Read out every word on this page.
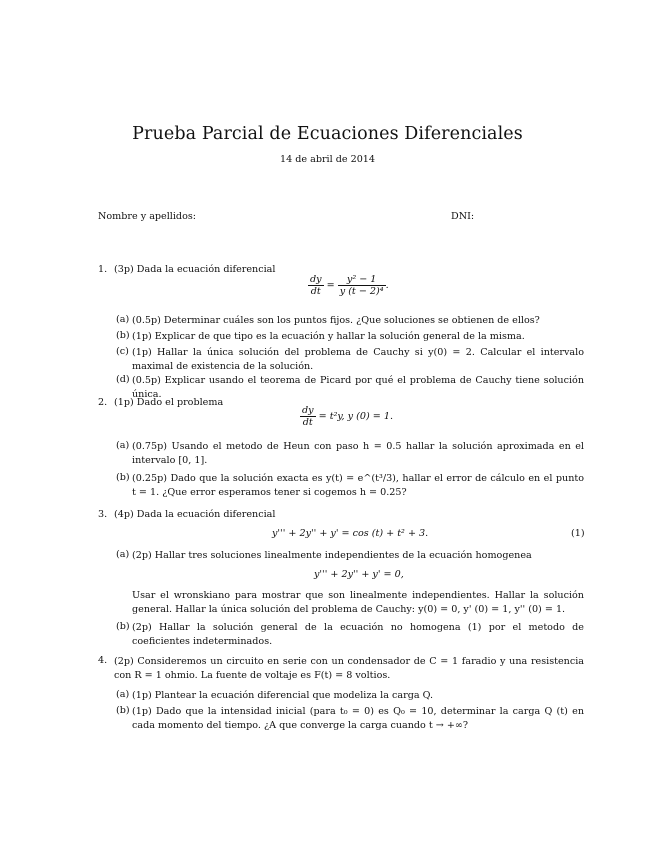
Prueba Parcial de Ecuaciones Diferenciales
14 de abril de 2014
Nombre y apellidos:	DNI:
1. (3p) Dada la ecuación diferencial
$\frac{dy}{dt} = \frac{\text{y² − 1}}{\text{y (t − 2)⁴}}$ .
(a) (0.5p) Determinar cuáles son los puntos fijos. ¿Que soluciones se obtienen de ellos?
(b) (1p) Explicar de que tipo es la ecuación y hallar la solución general de la misma.
(c) (1p) Hallar la única solución del problema de Cauchy si y(0) = 2. Calcular el intervalo maximal de existencia de la solución.
(d) (0.5p) Explicar usando el teorema de Picard por qué el problema de Cauchy tiene solución única.
2. (1p) Dado el problema
$\frac{dy}{dt} = t^2y$, y (0) = 1.
(a) (0.75p) Usando el metodo de Heun con paso h = 0.5 hallar la solución aproximada en el intervalo [0, 1].
(b) (0.25p) Dado que la solución exacta es y(t) = e^(t³/3), hallar el error de cálculo en el punto t = 1. ¿Que error esperamos tener si cogemos h = 0.25?
3. (4p) Dada la ecuación diferencial
y''' + 2y'' + y' = cos (t) + t² + 3.	(1)
(a) (2p) Hallar tres soluciones linealmente independientes de la ecuación homogenea
y''' + 2y'' + y' = 0,
Usar el wronskiano para mostrar que son linealmente independientes. Hallar la solución general. Hallar la única solución del problema de Cauchy: y(0) = 0, y' (0) = 1, y'' (0) = 1.
(b) (2p) Hallar la solución general de la ecuación no homogena (1) por el metodo de coeficientes indeterminados.
4. (2p) Consideremos un circuito en serie con un condensador de C = 1 faradio y una resistencia con R = 1 ohmio. La fuente de voltaje es F(t) = 8 voltios.
(a) (1p) Plantear la ecuación diferencial que modeliza la carga Q.
(b) (1p) Dado que la intensidad inicial (para t₀ = 0) es Q₀ = 10, determinar la carga Q (t) en cada momento del tiempo. ¿A que converge la carga cuando t → +∞?
